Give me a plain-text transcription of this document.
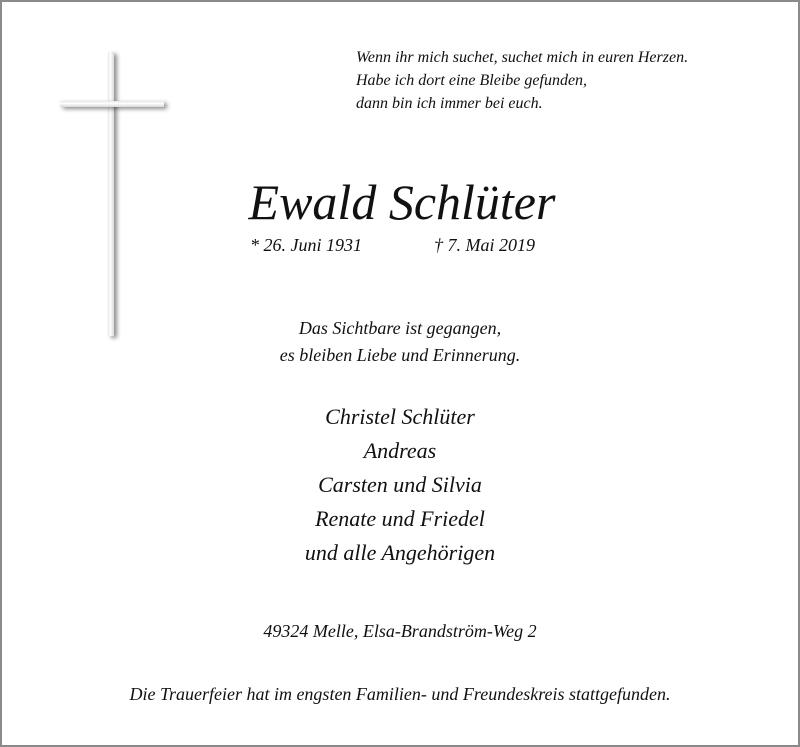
Wenn ihr mich suchet, suchet mich in euren Herzen.
Habe ich dort eine Bleibe gefunden,
dann bin ich immer bei euch.
Ewald Schlüter
* 26. Juni 1931	† 7. Mai 2019
Das Sichtbare ist gegangen,
es bleiben Liebe und Erinnerung.
Christel Schlüter
Andreas
Carsten und Silvia
Renate und Friedel
und alle Angehörigen
49324 Melle, Elsa-Brandström-Weg 2
Die Trauerfeier hat im engsten Familien- und Freundeskreis stattgefunden.
